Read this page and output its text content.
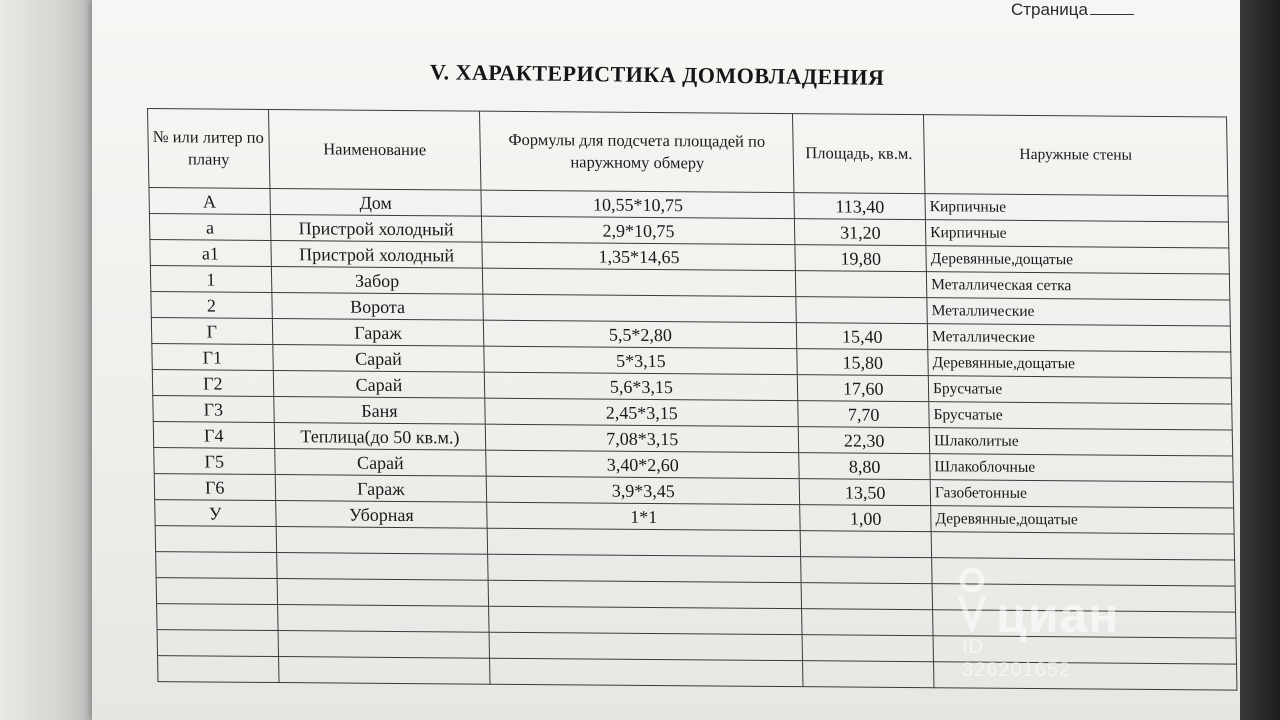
Страница
V. ХАРАКТЕРИСТИКА ДОМОВЛАДЕНИЯ
№ или литер по плану	Наименование	Формулы для подсчета площадей по наружному обмеру	Площадь, кв.м.	Наружные стены
А	Дом	10,55*10,75	113,40	Кирпичные
а	Пристрой холодный	2,9*10,75	31,20	Кирпичные
а1	Пристрой холодный	1,35*14,65	19,80	Деревянные,дощатые
1	Забор			Металлическая сетка
2	Ворота			Металлические
Г	Гараж	5,5*2,80	15,40	Металлические
Г1	Сарай	5*3,15	15,80	Деревянные,дощатые
Г2	Сарай	5,6*3,15	17,60	Брусчатые
Г3	Баня	2,45*3,15	7,70	Брусчатые
Г4	Теплица(до 50 кв.м.)	7,08*3,15	22,30	Шлаколитые
Г5	Сарай	3,40*2,60	8,80	Шлакоблочные
Г6	Гараж	3,9*3,45	13,50	Газобетонные
У	Уборная	1*1	1,00	Деревянные,дощатые

циан
ID 326201652
